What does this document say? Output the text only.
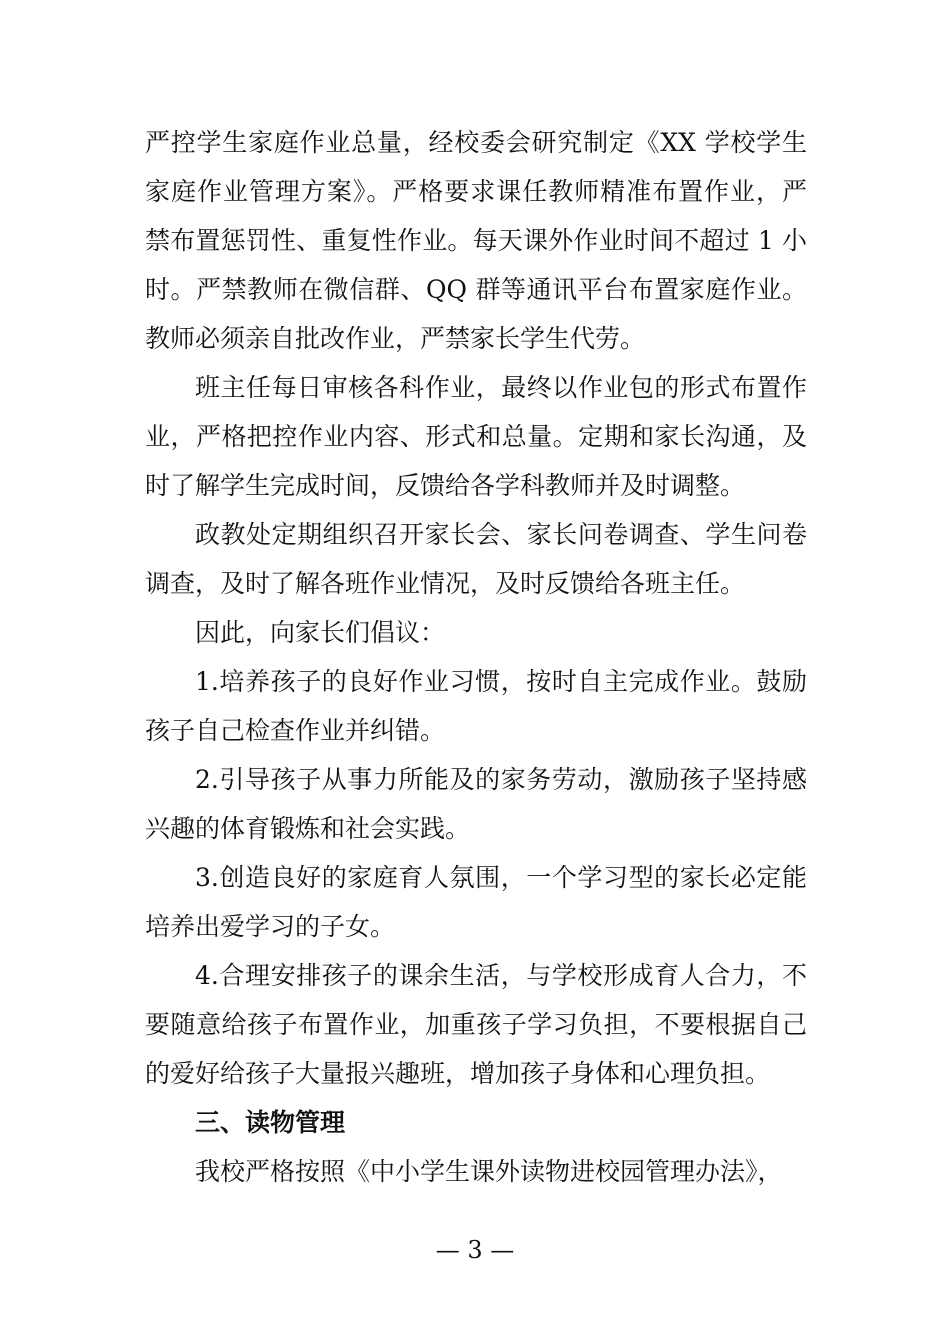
严控学生家庭作业总量，经校委会研究制定《XX 学校学生家庭作业管理方案》。严格要求课任教师精准布置作业，严禁布置惩罚性、重复性作业。每天课外作业时间不超过 1 小时。严禁教师在微信群、QQ 群等通讯平台布置家庭作业。教师必须亲自批改作业，严禁家长学生代劳。

班主任每日审核各科作业，最终以作业包的形式布置作业，严格把控作业内容、形式和总量。定期和家长沟通，及时了解学生完成时间，反馈给各学科教师并及时调整。

政教处定期组织召开家长会、家长问卷调查、学生问卷调查，及时了解各班作业情况，及时反馈给各班主任。

因此，向家长们倡议：

1.培养孩子的良好作业习惯，按时自主完成作业。鼓励孩子自己检查作业并纠错。

2.引导孩子从事力所能及的家务劳动，激励孩子坚持感兴趣的体育锻炼和社会实践。

3.创造良好的家庭育人氛围，一个学习型的家长必定能培养出爱学习的子女。

4.合理安排孩子的课余生活，与学校形成育人合力，不要随意给孩子布置作业，加重孩子学习负担，不要根据自己的爱好给孩子大量报兴趣班，增加孩子身体和心理负担。

三、读物管理

我校严格按照《中小学生课外读物进校园管理办法》，

— 3 —
